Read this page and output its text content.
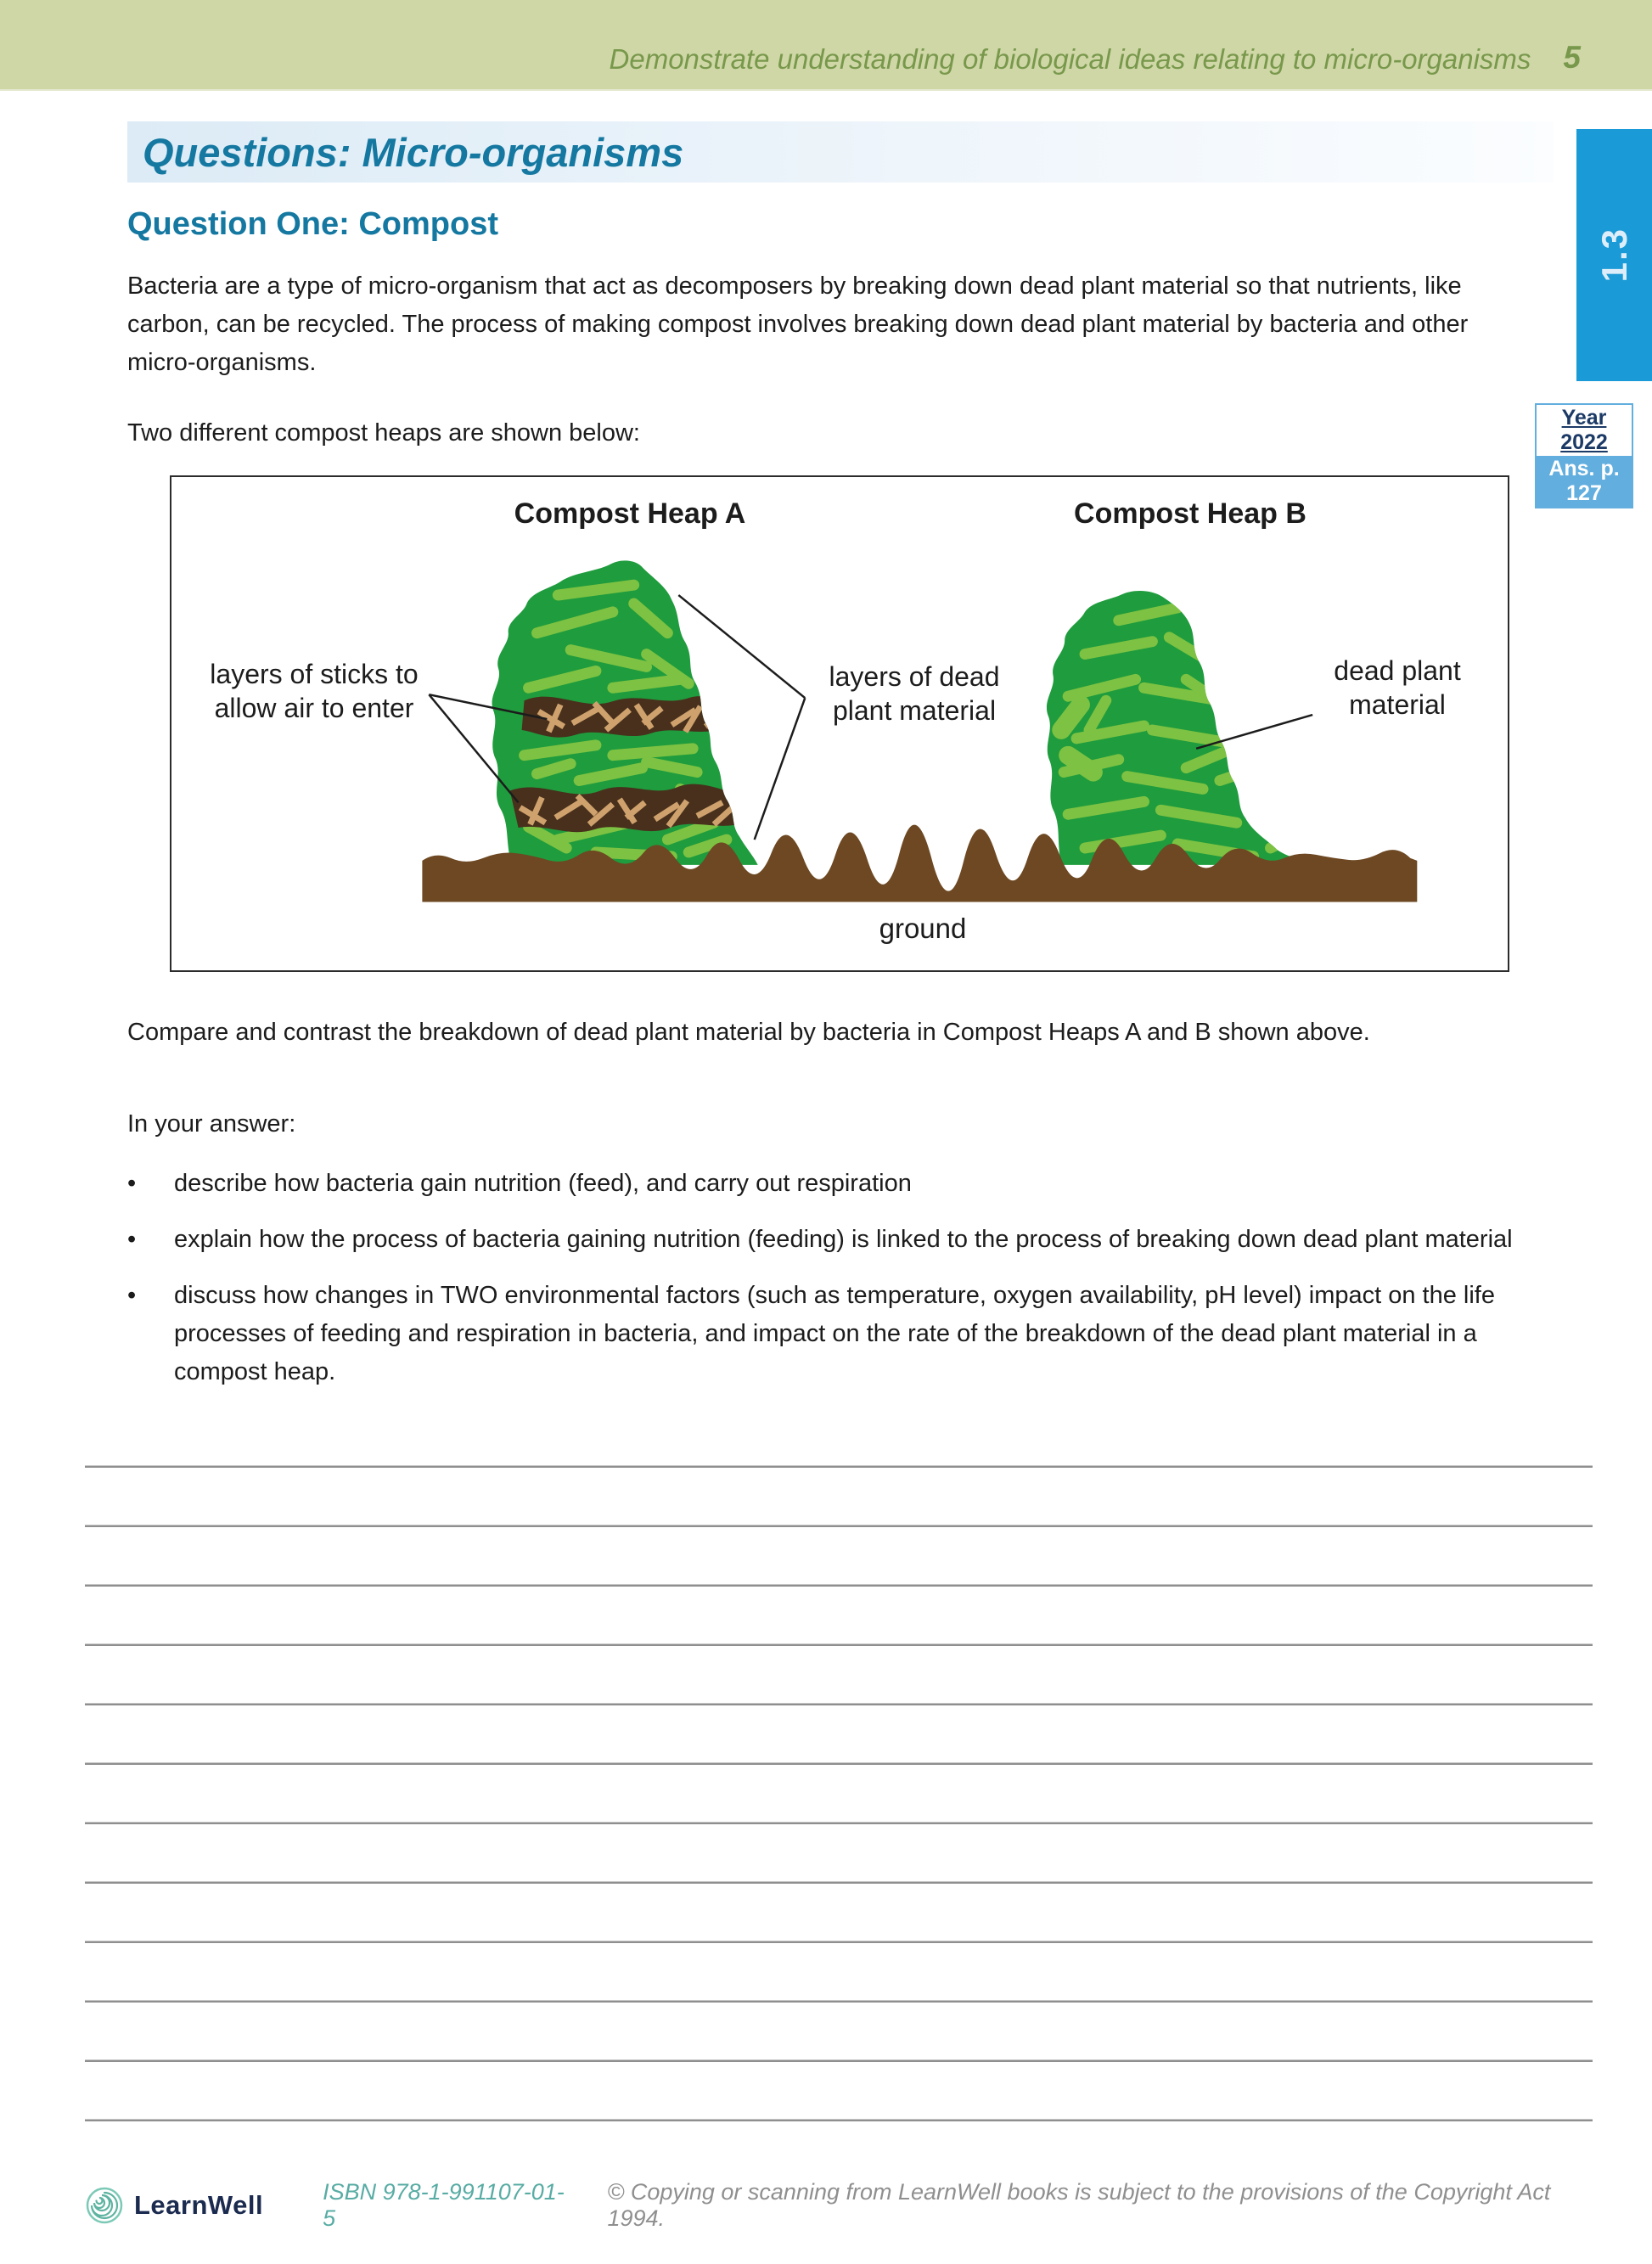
Demonstrate understanding of biological ideas relating to micro-organisms 5
1.3
Questions: Micro-organisms
Question One: Compost
Bacteria are a type of micro-organism that act as decomposers by breaking down dead plant material so that nutrients, like carbon, can be recycled. The process of making compost involves breaking down dead plant material by bacteria and other micro-organisms.
Two different compost heaps are shown below:
Year 2022
Ans. p. 127
Compost Heap A	Compost Heap B
layers of sticks to allow air to enter
layers of dead plant material
dead plant material
ground
Compare and contrast the breakdown of dead plant material by bacteria in Compost Heaps A and B shown above.
In your answer:
•	describe how bacteria gain nutrition (feed), and carry out respiration
•	explain how the process of bacteria gaining nutrition (feeding) is linked to the process of breaking down dead plant material
•	discuss how changes in TWO environmental factors (such as temperature, oxygen availability, pH level) impact on the life processes of feeding and respiration in bacteria, and impact on the rate of the breakdown of the dead plant material in a compost heap.
LearnWell	ISBN 978-1-991107-01-5
© Copying or scanning from LearnWell books is subject to the provisions of the Copyright Act 1994.
